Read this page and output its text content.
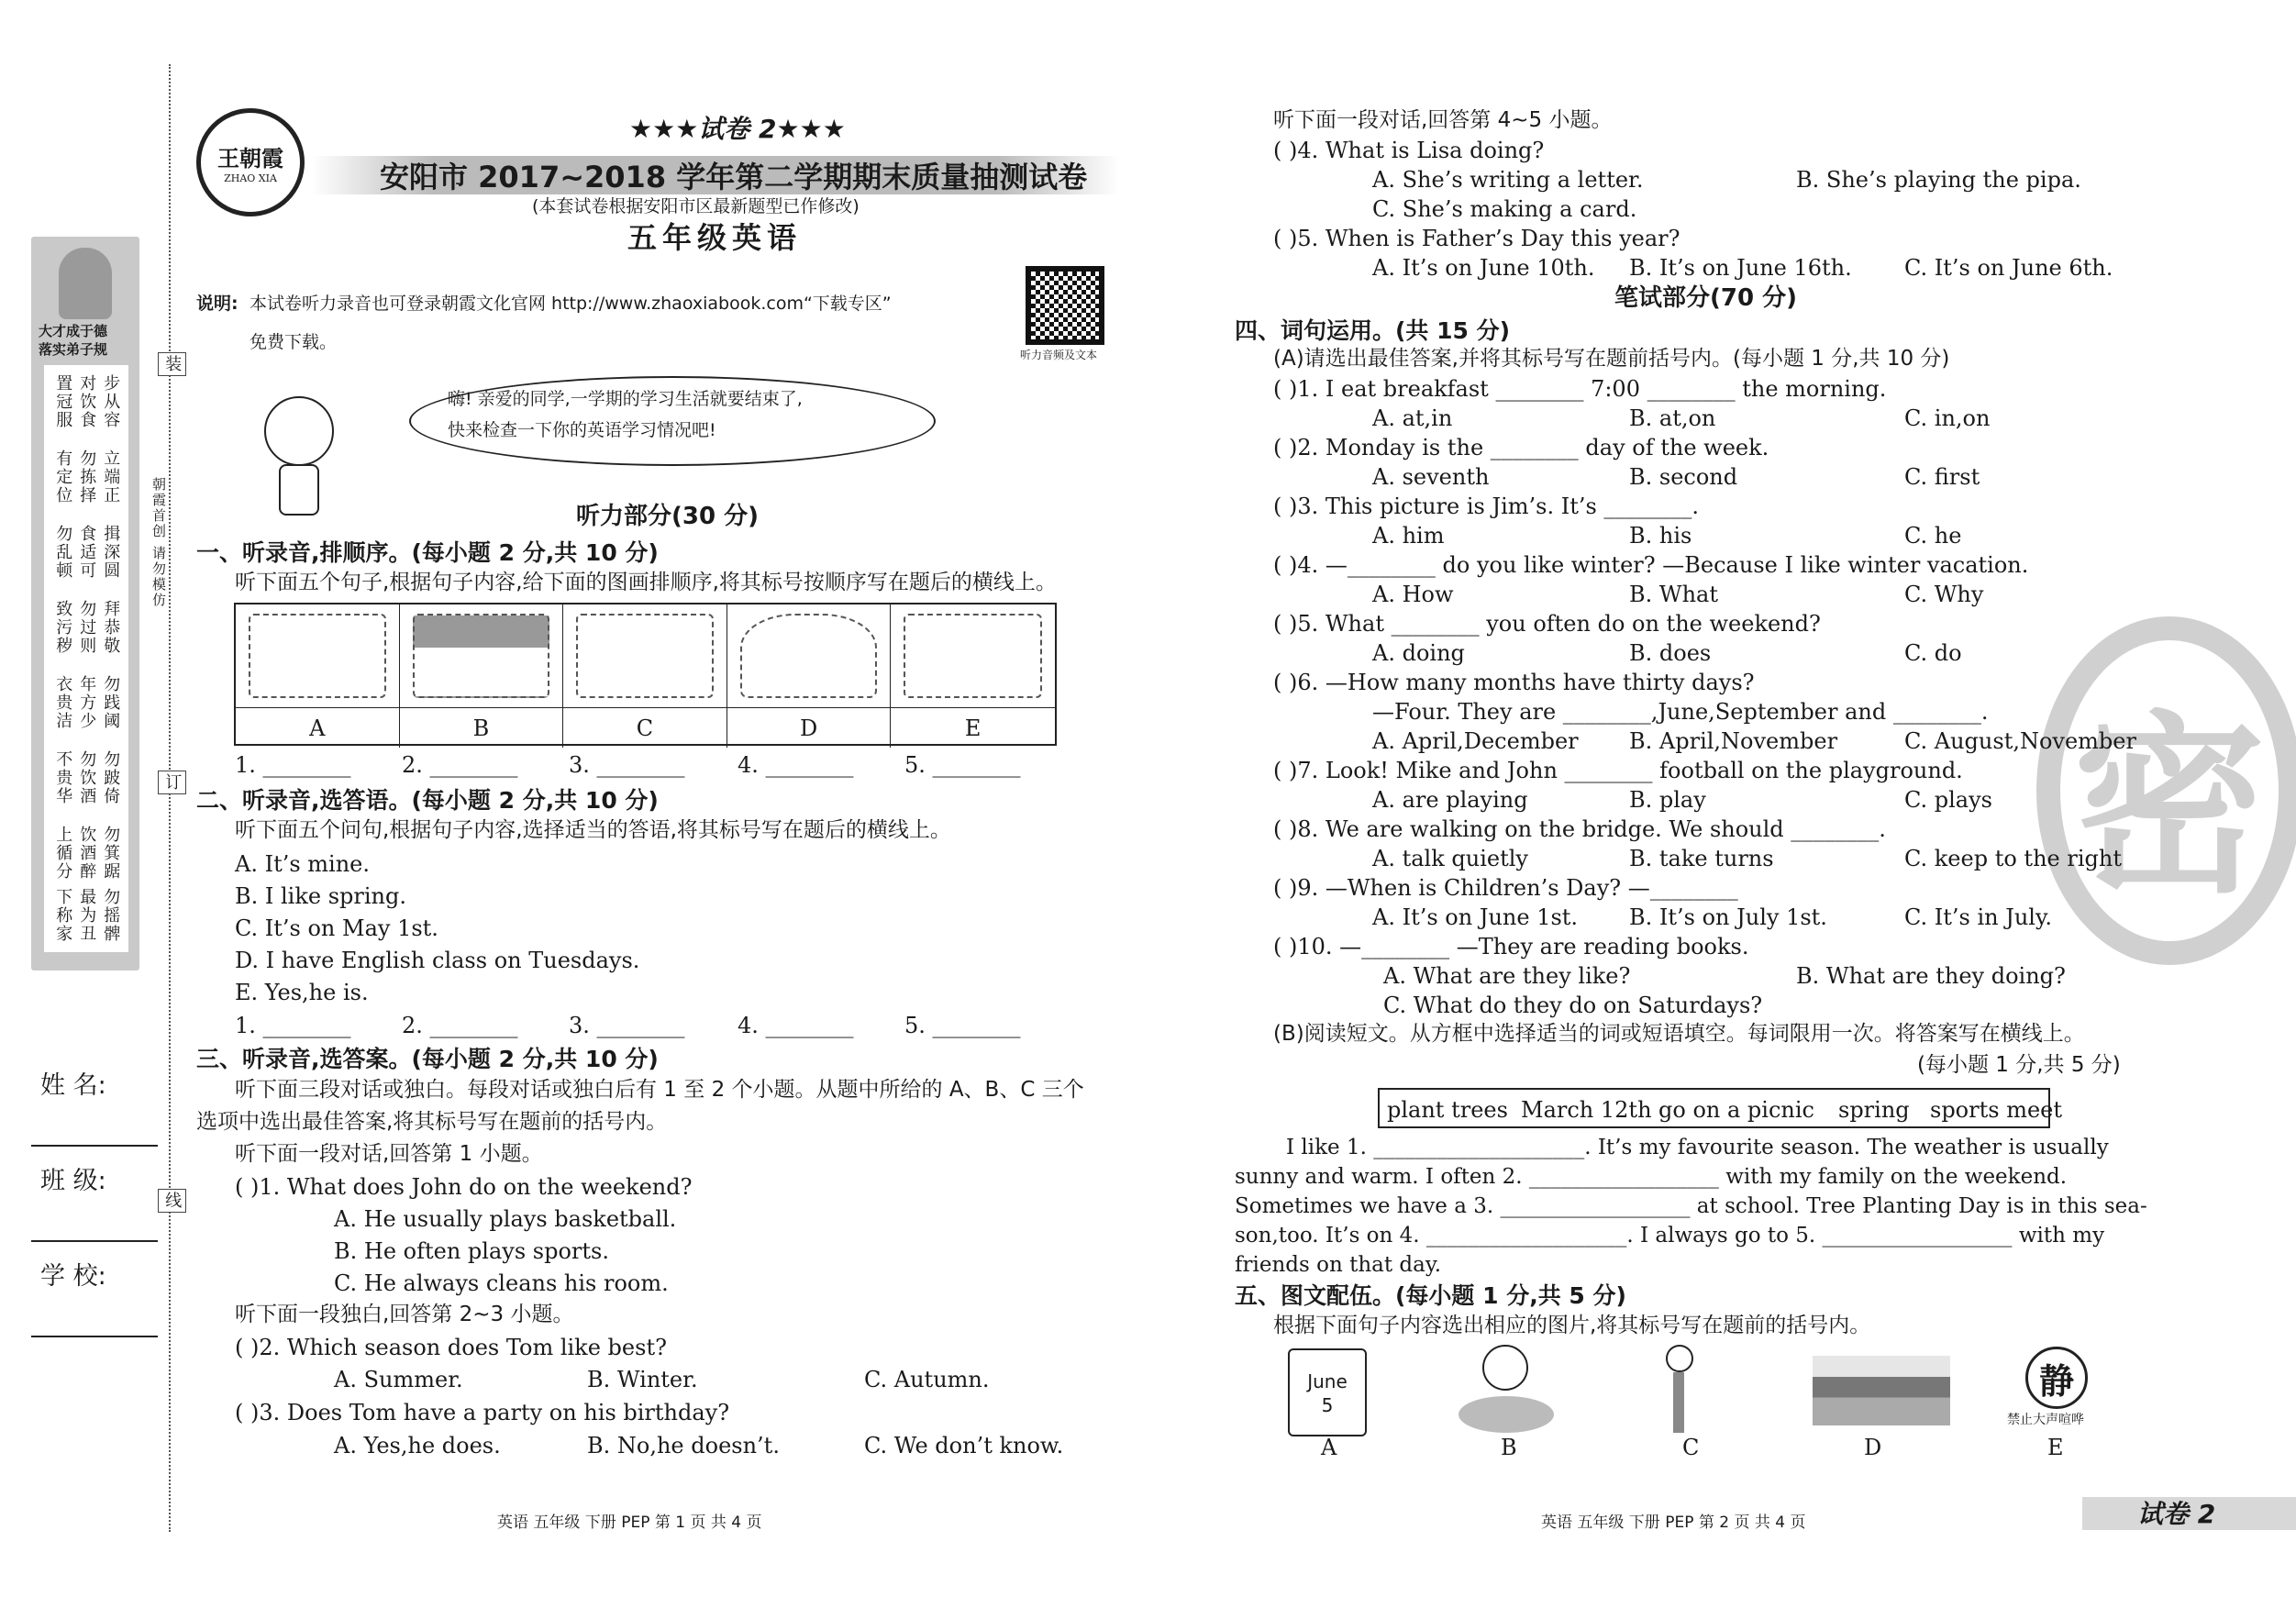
王朝霞
ZHAO XIA
★★★试卷 2★★★
安阳市 2017~2018 学年第二学期期末质量抽测试卷
(本套试卷根据安阳市区最新题型已作修改)
五年级英语
大才成于德
落实弟子规
步从容
对饮食
置冠服
立端正
勿拣择
有定位
揖深圆
食适可
勿乱顿
拜恭敬
勿过则
致污秽
勿践阈
年方少
衣贵洁
勿跛倚
勿饮酒
不贵华
勿箕踞
饮酒醉
上循分
勿摇髀
最为丑
下称家
姓 名:
班 级:
学 校:
装
订
线
朝霞首创 请勿模仿
说明: 本试卷听力录音也可登录朝霞文化官网 http://www.zhaoxiabook.com“下载专区”
免费下载。
听力音频及文本
嗨! 亲爱的同学,一学期的学习生活就要结束了,
快来检查一下你的英语学习情况吧!
听力部分(30 分)
一、听录音,排顺序。(每小题 2 分,共 10 分)
听下面五个句子,根据句子内容,给下面的图画排顺序,将其标号按顺序写在题后的横线上。
A	B	C	D	E
1. ________ 2. ________ 3. ________ 4. ________ 5. ________
二、听录音,选答语。(每小题 2 分,共 10 分)
听下面五个问句,根据句子内容,选择适当的答语,将其标号写在题后的横线上。
A. It’s mine.
B. I like spring.
C. It’s on May 1st.
D. I have English class on Tuesdays.
E. Yes,he is.
1. ________ 2. ________ 3. ________ 4. ________ 5. ________
三、听录音,选答案。(每小题 2 分,共 10 分)
听下面三段对话或独白。每段对话或独白后有 1 至 2 个小题。从题中所给的 A、B、C 三个
选项中选出最佳答案,将其标号写在题前的括号内。
听下面一段对话,回答第 1 小题。
( )1. What does John do on the weekend?
A. He usually plays basketball.
B. He often plays sports.
C. He always cleans his room.
听下面一段独白,回答第 2~3 小题。
( )2. Which season does Tom like best?
A. Summer.	B. Winter.	C. Autumn.
( )3. Does Tom have a party on his birthday?
A. Yes,he does.	B. No,he doesn’t.	C. We don’t know.
英语 五年级 下册 PEP 第 1 页 共 4 页
密
听下面一段对话,回答第 4~5 小题。
( )4. What is Lisa doing?
A. She’s writing a letter.	B. She’s playing the pipa.
C. She’s making a card.
( )5. When is Father’s Day this year?
A. It’s on June 10th. B. It’s on June 16th. C. It’s on June 6th.
笔试部分(70 分)
四、词句运用。(共 15 分)
(A)请选出最佳答案,并将其标号写在题前括号内。(每小题 1 分,共 10 分)
( )1. I eat breakfast ________ 7:00 ________ the morning.
A. at,in	B. at,on	C. in,on
( )2. Monday is the ________ day of the week.
A. seventh	B. second	C. first
( )3. This picture is Jim’s. It’s ________.
A. him	B. his	C. he
( )4. —________ do you like winter? —Because I like winter vacation.
A. How	B. What	C. Why
( )5. What ________ you often do on the weekend?
A. doing	B. does	C. do
( )6. —How many months have thirty days?
—Four. They are ________,June,September and ________.
A. April,December B. April,November	C. August,November
( )7. Look! Mike and John ________ football on the playground.
A. are playing	B. play	C. plays
( )8. We are walking on the bridge. We should ________.
A. talk quietly	B. take turns	C. keep to the right
( )9. —When is Children’s Day? —________
A. It’s on June 1st. B. It’s on July 1st.	C. It’s in July.
( )10. —________ —They are reading books.
A. What are they like?	B. What are they doing?
C. What do they do on Saturdays?
(B)阅读短文。从方框中选择适当的词或短语填空。每词限用一次。将答案写在横线上。
(每小题 1 分,共 5 分)
plant trees March 12th go on a picnic spring sports meet
I like 1. ____________________. It’s my favourite season. The weather is usually
sunny and warm. I often 2. __________________ with my family on the weekend.
Sometimes we have a 3. __________________ at school. Tree Planting Day is in this sea-
son,too. It’s on 4. ___________________. I always go to 5. __________________ with my
friends on that day.
五、图文配伍。(每小题 1 分,共 5 分)
根据下面句子内容选出相应的图片,将其标号写在题前的括号内。
June
5
静
禁止大声喧哗
A	B	C	D	E
英语 五年级 下册 PEP 第 2 页 共 4 页	试卷 2
